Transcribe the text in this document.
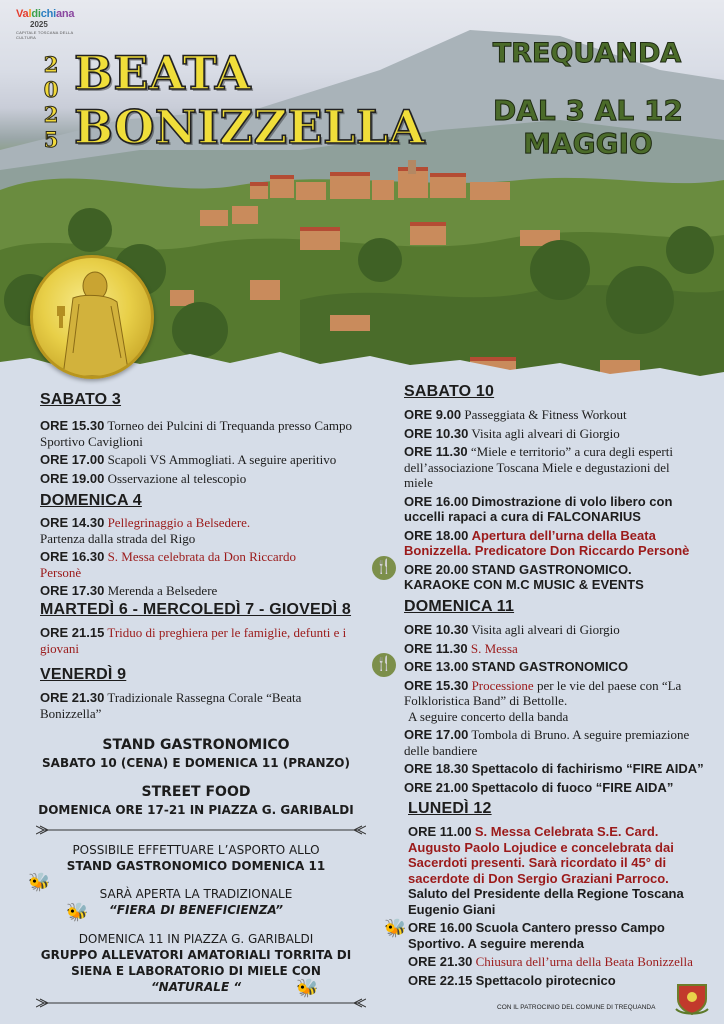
Valdichiana
2025
CAPITALE TOSCANA DELLA CULTURA
2
0
2
5
BEATA
BONIZZELLA
TREQUANDA
DAL 3 AL 12
MAGGIO
SABATO 3
ORE 15.30 Torneo dei Pulcini di Trequanda presso Campo Sportivo Caviglioni
ORE 17.00 Scapoli VS Ammogliati. A seguire aperitivo
ORE 19.00 Osservazione al telescopio
DOMENICA 4
ORE 14.30 Pellegrinaggio a Belsedere.
Partenza dalla strada del Rigo
ORE 16.30 S. Messa celebrata da Don Riccardo Personè
ORE 17.30 Merenda a Belsedere
MARTEDÌ 6 - MERCOLEDÌ 7 - GIOVEDÌ 8
ORE 21.15 Triduo di preghiera per le famiglie, defunti e i giovani
VENERDÌ 9
ORE 21.30 Tradizionale Rassegna Corale “Beata Bonizzella”
STAND GASTRONOMICO
SABATO 10 (CENA) E DOMENICA 11 (PRANZO)
STREET FOOD
DOMENICA ORE 17-21 IN PIAZZA G. GARIBALDI
POSSIBILE EFFETTUARE L’ASPORTO ALLO
STAND GASTRONOMICO DOMENICA 11
SARÀ APERTA LA TRADIZIONALE
“FIERA DI BENEFICIENZA”
DOMENICA 11 IN PIAZZA G. GARIBALDI
GRUPPO ALLEVATORI AMATORIALI TORRITA DI
SIENA E LABORATORIO DI MIELE CON
“NATURALE “
🐝
🐝
🐝
🐝
SABATO 10
ORE 9.00 Passeggiata & Fitness Workout
ORE 10.30 Visita agli alveari di Giorgio
ORE 11.30 “Miele e territorio” a cura degli esperti dell’associazione Toscana Miele e degustazioni del miele
ORE 16.00 Dimostrazione di volo libero con uccelli rapaci a cura di FALCONARIUS
ORE 18.00 Apertura dell’urna della Beata Bonizzella. Predicatore Don Riccardo Personè
ORE 20.00 STAND GASTRONOMICO. KARAOKE CON M.C MUSIC & EVENTS
🍴
DOMENICA 11
ORE 10.30 Visita agli alveari di Giorgio
ORE 11.30 S. Messa
ORE 13.00 STAND GASTRONOMICO
ORE 15.30 Processione per le vie del paese con “La Folkloristica Band” di Bettolle.
A seguire concerto della banda
ORE 17.00 Tombola di Bruno. A seguire premiazione delle bandiere
ORE 18.30 Spettacolo di fachirismo “FIRE AIDA”
ORE 21.00 Spettacolo di fuoco “FIRE AIDA”
🍴
LUNEDÌ 12
ORE 11.00 S. Messa Celebrata S.E. Card. Augusto Paolo Lojudice e concelebrata dai Sacerdoti presenti. Sarà ricordato il 45° di sacerdote di Don Sergio Graziani Parroco.
Saluto del Presidente della Regione Toscana Eugenio Giani
ORE 16.00 Scuola Cantero presso Campo Sportivo. A seguire merenda
ORE 21.30 Chiusura dell’urna della Beata Bonizzella
ORE 22.15 Spettacolo pirotecnico
CON IL PATROCINIO DEL COMUNE DI TREQUANDA
